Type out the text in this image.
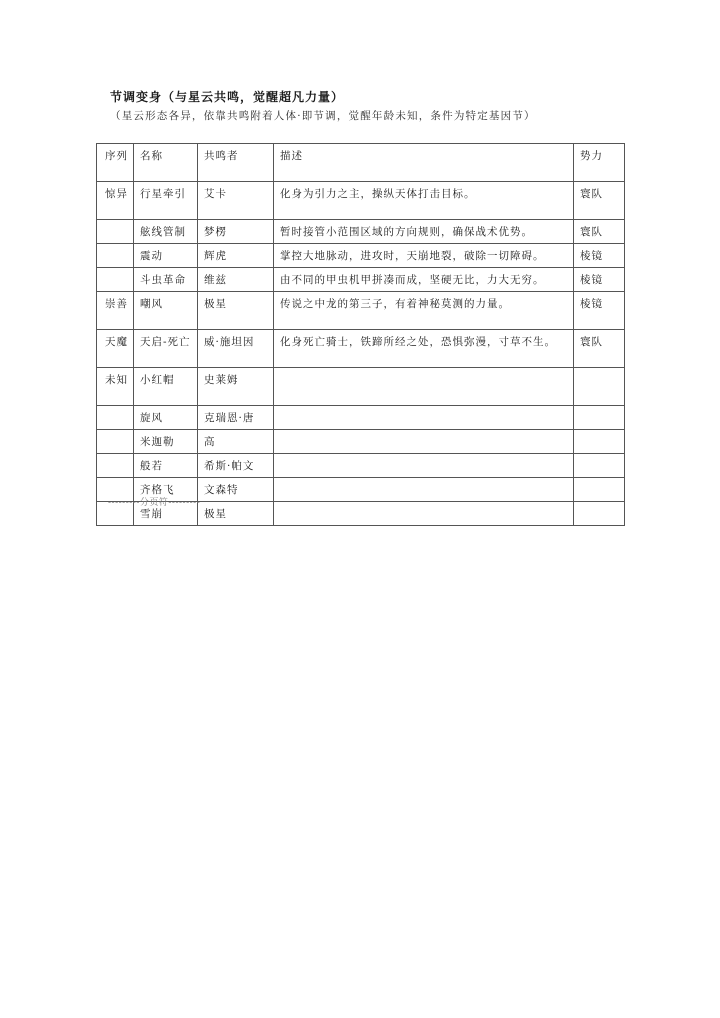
节调变身（与星云共鸣，觉醒超凡力量）
（星云形态各异，依靠共鸣附着人体·即节调，觉醒年龄未知，条件为特定基因节）
序列	名称	共鸣者	描述	势力
惊异	行星牵引	艾卡	化身为引力之主，操纵天体打击目标。	寰队
	舷线管制	梦楞	暂时接管小范围区域的方向规则，确保战术优势。	寰队
	震动	辉虎	掌控大地脉动，进攻时，天崩地裂，破除一切障碍。	棱镜
	斗虫革命	维兹	由不同的甲虫机甲拼凑而成，坚硬无比，力大无穷。	棱镜
崇善	嘲风	极星	传说之中龙的第三子，有着神秘莫测的力量。	棱镜
天魔	天启-死亡	威·施坦因	化身死亡骑士，铁蹄所经之处，恐惧弥漫，寸草不生。	寰队
未知	小红帽	史莱姆		
	旋风	克瑞恩·唐		
	米迦勒	高		
	般若	希斯·帕文		
	齐格飞	文森特		
	雪崩	极星		
---------分页符---------
